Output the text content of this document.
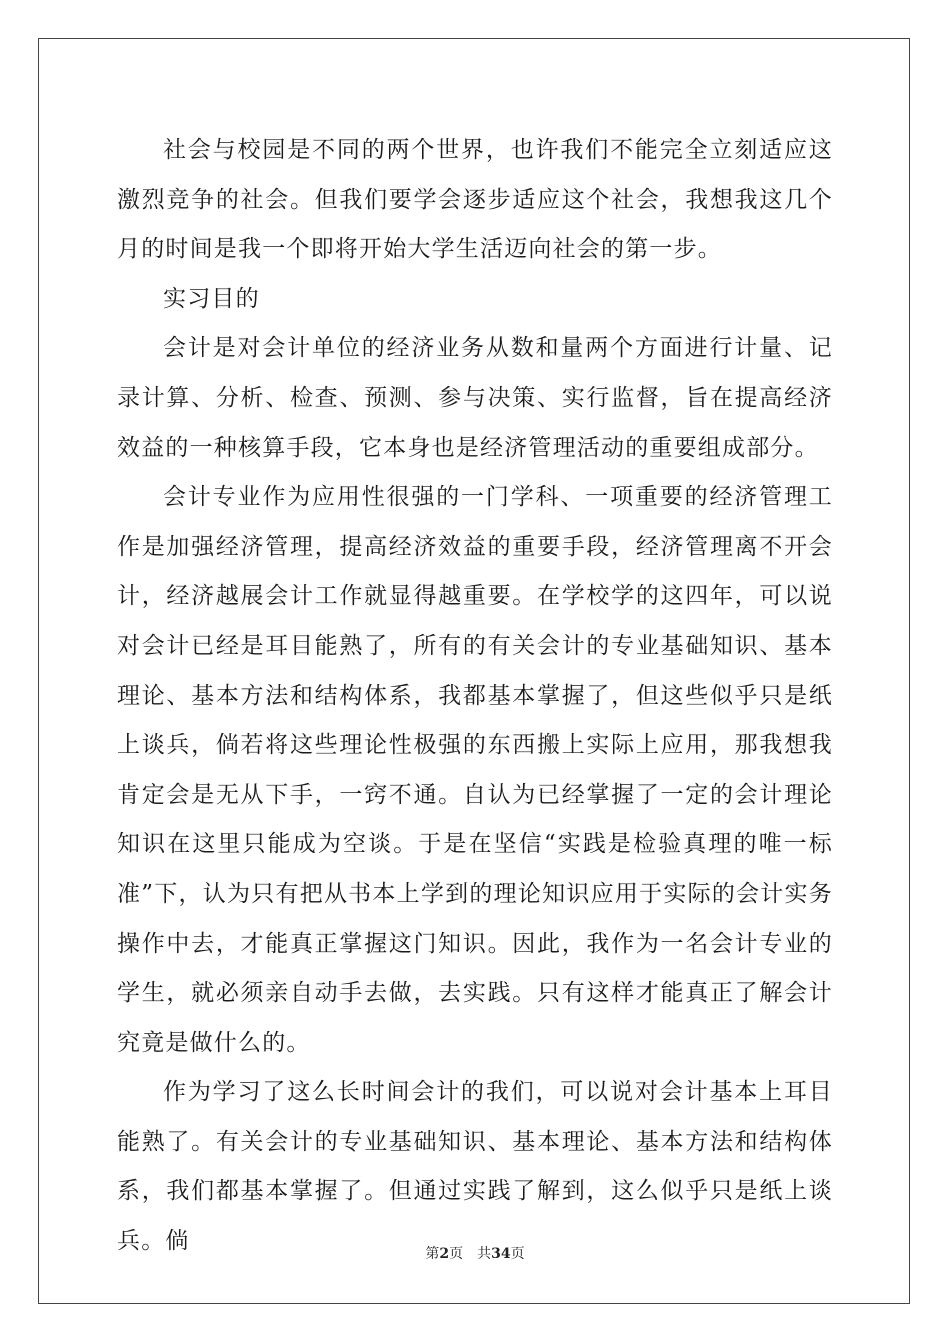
社会与校园是不同的两个世界，也许我们不能完全立刻适应这激烈竞争的社会。但我们要学会逐步适应这个社会，我想我这几个月的时间是我一个即将开始大学生活迈向社会的第一步。

实习目的

会计是对会计单位的经济业务从数和量两个方面进行计量、记录计算、分析、检查、预测、参与决策、实行监督，旨在提高经济效益的一种核算手段，它本身也是经济管理活动的重要组成部分。

会计专业作为应用性很强的一门学科、一项重要的经济管理工作是加强经济管理，提高经济效益的重要手段，经济管理离不开会计，经济越展会计工作就显得越重要。在学校学的这四年，可以说对会计已经是耳目能熟了，所有的有关会计的专业基础知识、基本理论、基本方法和结构体系，我都基本掌握了，但这些似乎只是纸上谈兵，倘若将这些理论性极强的东西搬上实际上应用，那我想我肯定会是无从下手，一窍不通。自认为已经掌握了一定的会计理论知识在这里只能成为空谈。于是在坚信“实践是检验真理的唯一标准”下，认为只有把从书本上学到的理论知识应用于实际的会计实务操作中去，才能真正掌握这门知识。因此，我作为一名会计专业的学生，就必须亲自动手去做，去实践。只有这样才能真正了解会计究竟是做什么的。

作为学习了这么长时间会计的我们，可以说对会计基本上耳目能熟了。有关会计的专业基础知识、基本理论、基本方法和结构体系，我们都基本掌握了。但通过实践了解到，这么似乎只是纸上谈兵。倘	第2页 共34页
